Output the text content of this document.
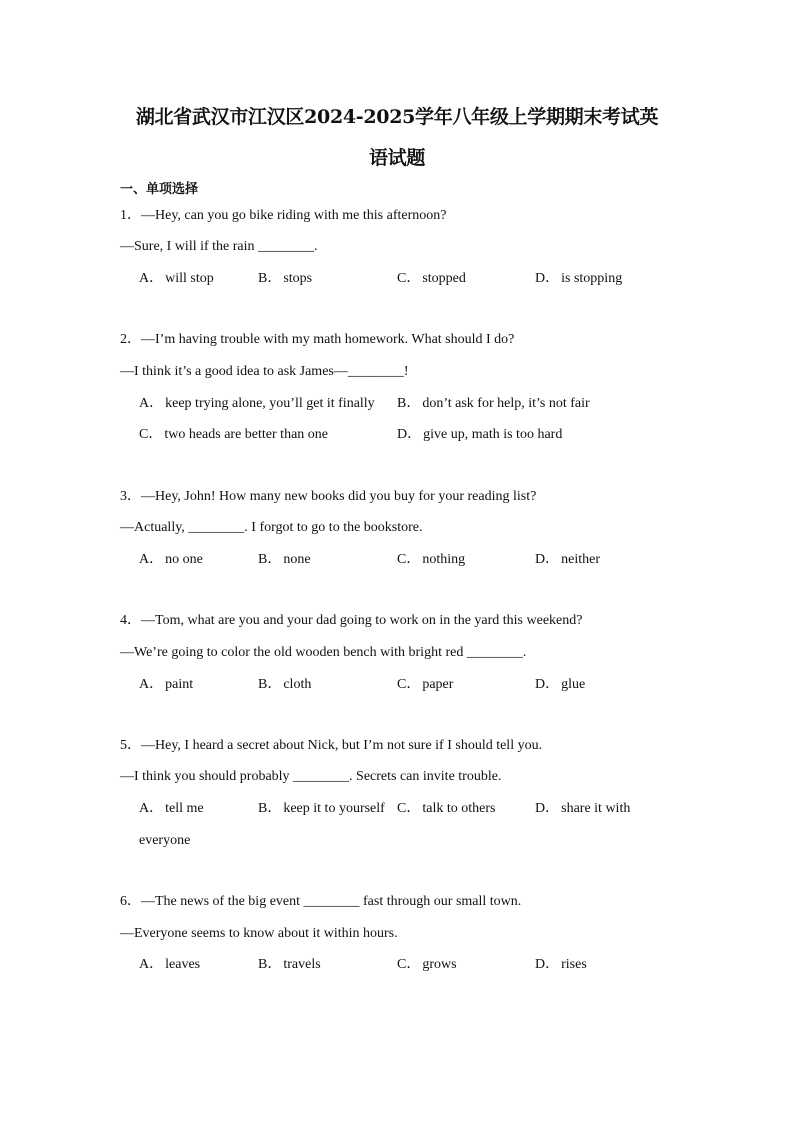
湖北省武汉市江汉区2024-2025学年八年级上学期期末考试英
语试题
一、单项选择
1．—Hey, can you go bike riding with me this afternoon?
—Sure, I will if the rain ________.
A． will stop	B． stops	C． stopped	D． is stopping
2．—I’m having trouble with my math homework. What should I do?
—I think it’s a good idea to ask James—________!
A． keep trying alone, you’ll get it finally B． don’t ask for help, it’s not fair
C． two heads are better than one	D． give up, math is too hard
3．—Hey, John! How many new books did you buy for your reading list?
—Actually, ________. I forgot to go to the bookstore.
A． no one	B． none	C． nothing	D． neither
4．—Tom, what are you and your dad going to work on in the yard this weekend?
—We’re going to color the old wooden bench with bright red ________.
A． paint	B． cloth	C． paper	D． glue
5．—Hey, I heard a secret about Nick, but I’m not sure if I should tell you.
—I think you should probably ________. Secrets can invite trouble.
A． tell me	B． keep it to yourself C． talk to others	D． share it with
everyone
6．—The news of the big event ________ fast through our small town.
—Everyone seems to know about it within hours.
A． leaves	B． travels	C． grows	D． rises
